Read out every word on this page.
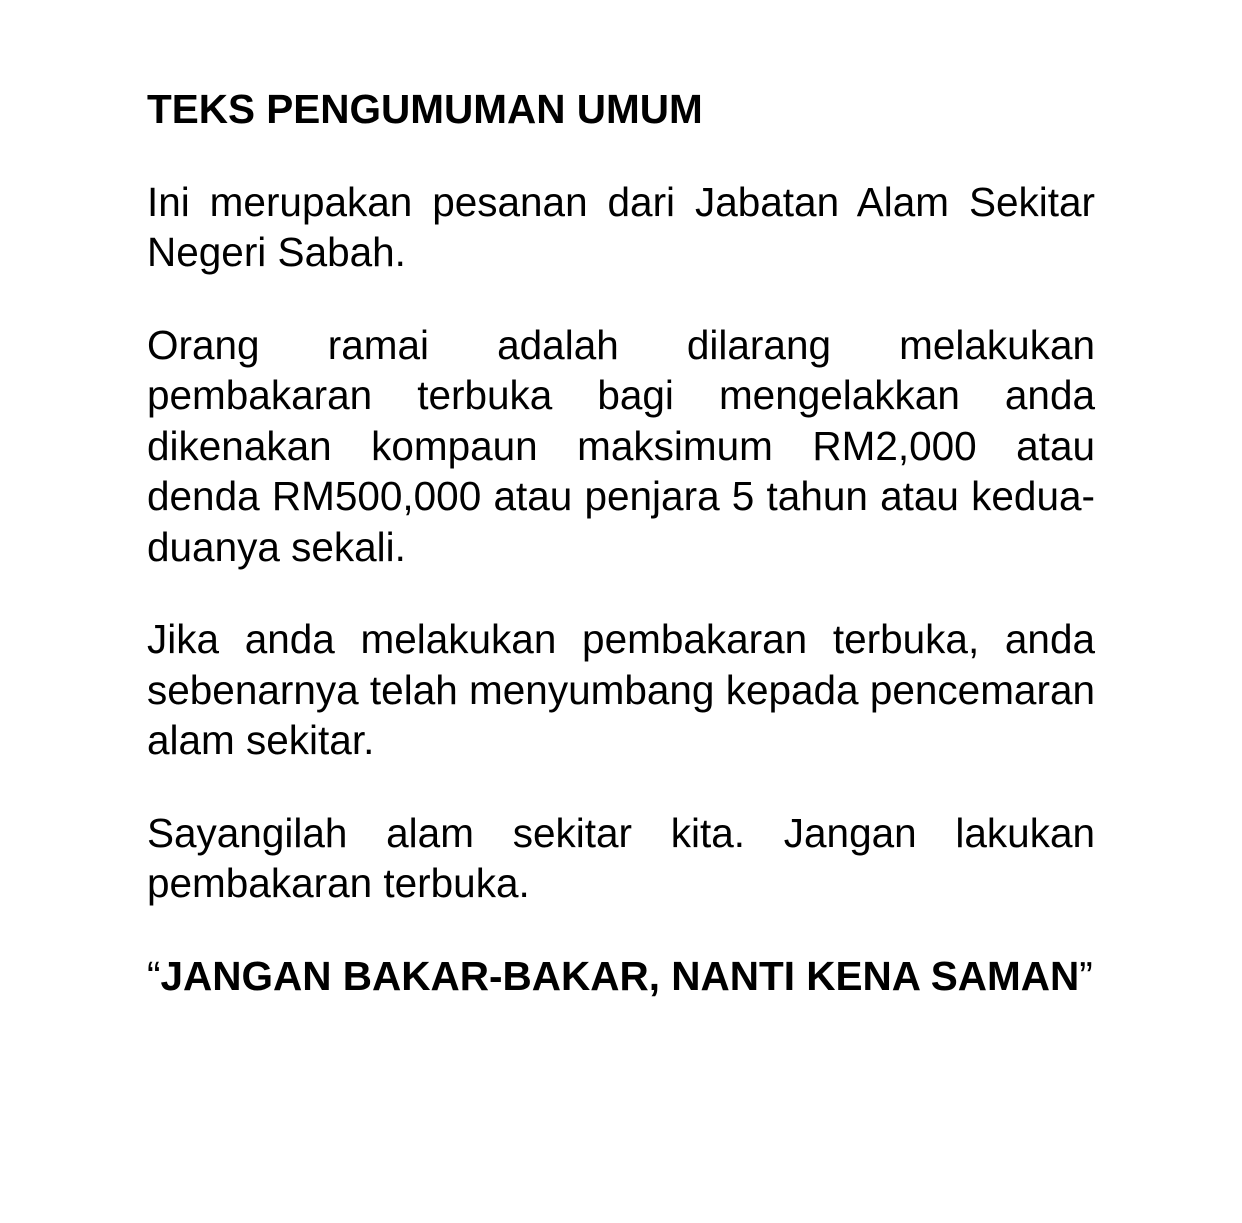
TEKS PENGUMUMAN UMUM

Ini merupakan pesanan dari Jabatan Alam Sekitar Negeri Sabah.

Orang ramai adalah dilarang melakukan pembakaran terbuka bagi mengelakkan anda dikenakan kompaun maksimum RM2,000 atau denda RM500,000 atau penjara 5 tahun atau kedua-duanya sekali.

Jika anda melakukan pembakaran terbuka, anda sebenarnya telah menyumbang kepada pencemaran alam sekitar.

Sayangilah alam sekitar kita. Jangan lakukan pembakaran terbuka.

“JANGAN BAKAR-BAKAR, NANTI KENA SAMAN”
